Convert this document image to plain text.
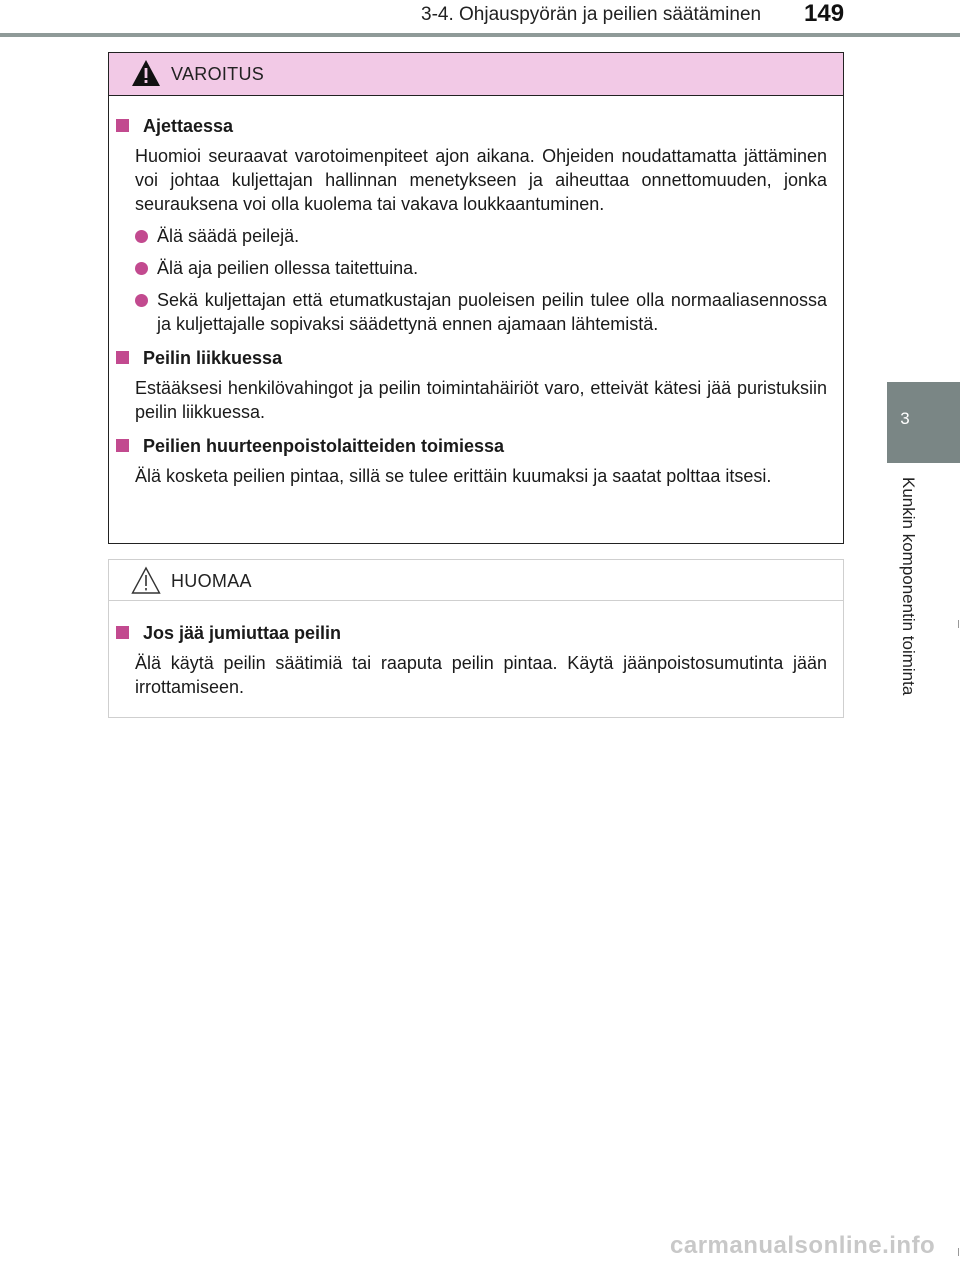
3-4. Ohjauspyörän ja peilien säätäminen 149
3
Kunkin komponentin toiminta
VAROITUS
Ajettaessa
Huomioi seuraavat varotoimenpiteet ajon aikana. Ohjeiden noudattamatta jättäminen voi johtaa kuljettajan hallinnan menetykseen ja aiheuttaa onnettomuuden, jonka seurauksena voi olla kuolema tai vakava loukkaantuminen.
Älä säädä peilejä.
Älä aja peilien ollessa taitettuina.
Sekä kuljettajan että etumatkustajan puoleisen peilin tulee olla normaaliasennossa ja kuljettajalle sopivaksi säädettynä ennen ajamaan lähtemistä.
Peilin liikkuessa
Estääksesi henkilövahingot ja peilin toimintahäiriöt varo, etteivät kätesi jää puristuksiin peilin liikkuessa.
Peilien huurteenpoistolaitteiden toimiessa
Älä kosketa peilien pintaa, sillä se tulee erittäin kuumaksi ja saatat polttaa itsesi.
HUOMAA
Jos jää jumiuttaa peilin
Älä käytä peilin säätimiä tai raaputa peilin pintaa. Käytä jäänpoistosumutinta jään irrottamiseen.
carmanualsonline.info
